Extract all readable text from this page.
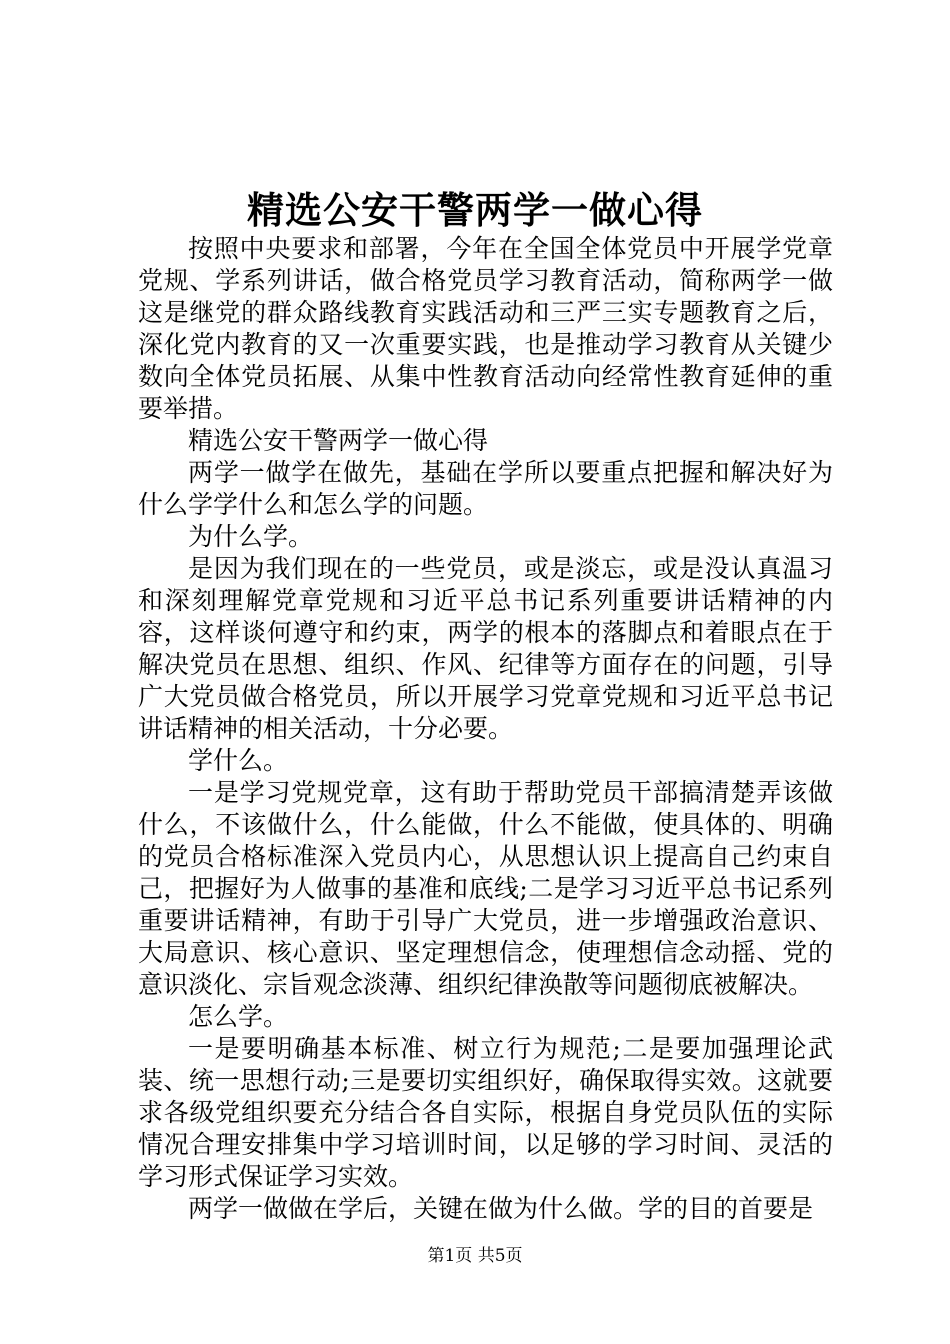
精选公安干警两学一做心得

按照中央要求和部署，今年在全国全体党员中开展学党章党规、学系列讲话，做合格党员学习教育活动，简称两学一做这是继党的群众路线教育实践活动和三严三实专题教育之后，深化党内教育的又一次重要实践，也是推动学习教育从关键少数向全体党员拓展、从集中性教育活动向经常性教育延伸的重要举措。

精选公安干警两学一做心得

两学一做学在做先，基础在学所以要重点把握和解决好为什么学学什么和怎么学的问题。

为什么学。

是因为我们现在的一些党员，或是淡忘，或是没认真温习和深刻理解党章党规和习近平总书记系列重要讲话精神的内容，这样谈何遵守和约束，两学的根本的落脚点和着眼点在于解决党员在思想、组织、作风、纪律等方面存在的问题，引导广大党员做合格党员，所以开展学习党章党规和习近平总书记讲话精神的相关活动，十分必要。

学什么。

一是学习党规党章，这有助于帮助党员干部搞清楚弄该做什么，不该做什么，什么能做，什么不能做，使具体的、明确的党员合格标准深入党员内心，从思想认识上提高自己约束自己，把握好为人做事的基准和底线;二是学习习近平总书记系列重要讲话精神，有助于引导广大党员，进一步增强政治意识、大局意识、核心意识、坚定理想信念，使理想信念动摇、党的意识淡化、宗旨观念淡薄、组织纪律涣散等问题彻底被解决。

怎么学。

一是要明确基本标准、树立行为规范;二是要加强理论武装、统一思想行动;三是要切实组织好，确保取得实效。这就要求各级党组织要充分结合各自实际，根据自身党员队伍的实际情况合理安排集中学习培训时间，以足够的学习时间、灵活的学习形式保证学习实效。

两学一做做在学后，关键在做为什么做。学的目的首要是

第1页 共5页
